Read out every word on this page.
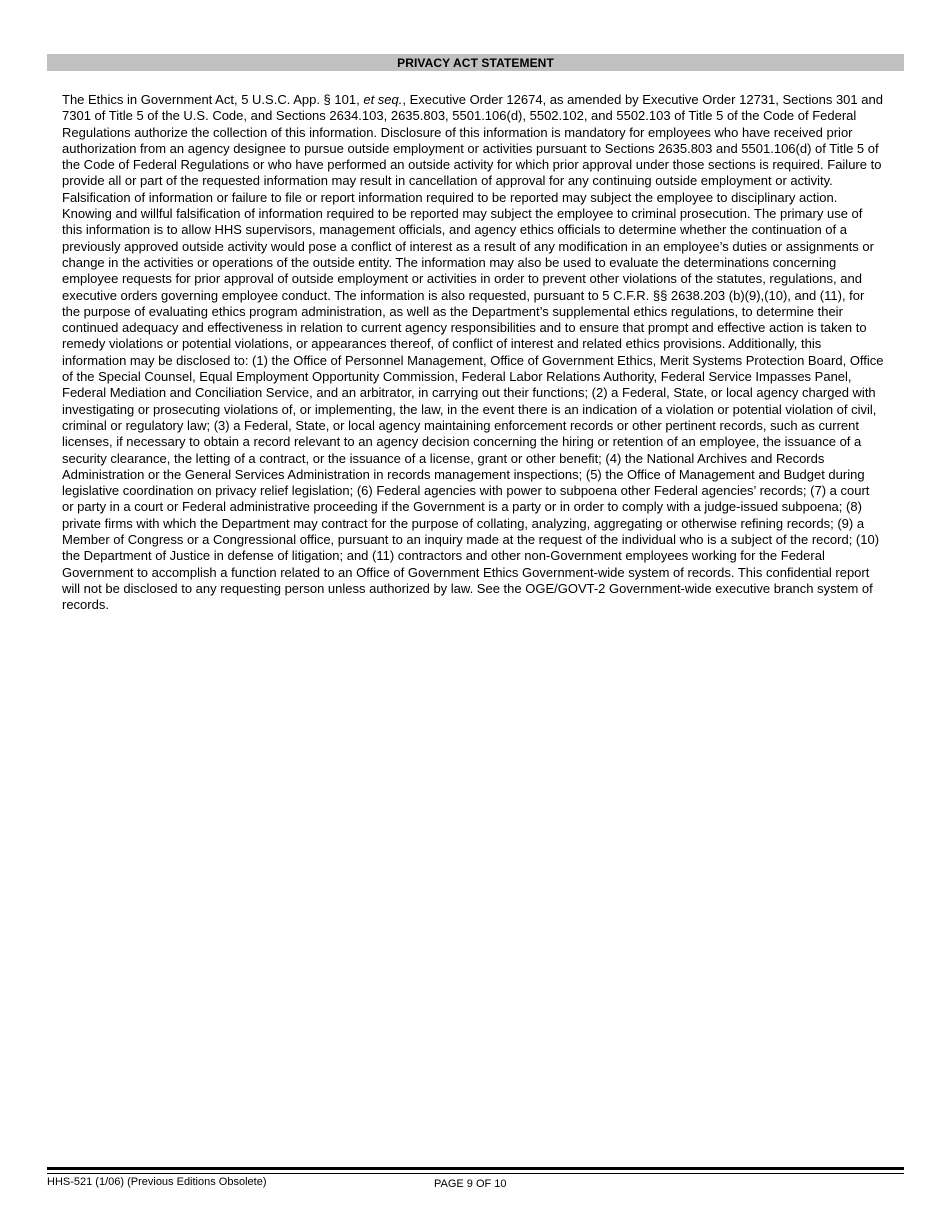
PRIVACY ACT STATEMENT
The Ethics in Government Act, 5 U.S.C. App. § 101, et seq., Executive Order 12674, as amended by Executive Order 12731, Sections 301 and 7301 of Title 5 of the U.S. Code, and Sections 2634.103, 2635.803, 5501.106(d), 5502.102, and 5502.103 of Title 5 of the Code of Federal Regulations authorize the collection of this information. Disclosure of this information is mandatory for employees who have received prior authorization from an agency designee to pursue outside employment or activities pursuant to Sections 2635.803 and 5501.106(d) of Title 5 of the Code of Federal Regulations or who have performed an outside activity for which prior approval under those sections is required. Failure to provide all or part of the requested information may result in cancellation of approval for any continuing outside employment or activity. Falsification of information or failure to file or report information required to be reported may subject the employee to disciplinary action. Knowing and willful falsification of information required to be reported may subject the employee to criminal prosecution. The primary use of this information is to allow HHS supervisors, management officials, and agency ethics officials to determine whether the continuation of a previously approved outside activity would pose a conflict of interest as a result of any modification in an employee’s duties or assignments or change in the activities or operations of the outside entity. The information may also be used to evaluate the determinations concerning employee requests for prior approval of outside employment or activities in order to prevent other violations of the statutes, regulations, and executive orders governing employee conduct. The information is also requested, pursuant to 5 C.F.R. §§ 2638.203 (b)(9),(10), and (11), for the purpose of evaluating ethics program administration, as well as the Department’s supplemental ethics regulations, to determine their continued adequacy and effectiveness in relation to current agency responsibilities and to ensure that prompt and effective action is taken to remedy violations or potential violations, or appearances thereof, of conflict of interest and related ethics provisions. Additionally, this information may be disclosed to: (1) the Office of Personnel Management, Office of Government Ethics, Merit Systems Protection Board, Office of the Special Counsel, Equal Employment Opportunity Commission, Federal Labor Relations Authority, Federal Service Impasses Panel, Federal Mediation and Conciliation Service, and an arbitrator, in carrying out their functions; (2) a Federal, State, or local agency charged with investigating or prosecuting violations of, or implementing, the law, in the event there is an indication of a violation or potential violation of civil, criminal or regulatory law; (3) a Federal, State, or local agency maintaining enforcement records or other pertinent records, such as current licenses, if necessary to obtain a record relevant to an agency decision concerning the hiring or retention of an employee, the issuance of a security clearance, the letting of a contract, or the issuance of a license, grant or other benefit; (4) the National Archives and Records Administration or the General Services Administration in records management inspections; (5) the Office of Management and Budget during legislative coordination on privacy relief legislation; (6) Federal agencies with power to subpoena other Federal agencies’ records; (7) a court or party in a court or Federal administrative proceeding if the Government is a party or in order to comply with a judge-issued subpoena; (8) private firms with which the Department may contract for the purpose of collating, analyzing, aggregating or otherwise refining records; (9) a Member of Congress or a Congressional office, pursuant to an inquiry made at the request of the individual who is a subject of the record; (10) the Department of Justice in defense of litigation; and (11) contractors and other non-Government employees working for the Federal Government to accomplish a function related to an Office of Government Ethics Government-wide system of records. This confidential report will not be disclosed to any requesting person unless authorized by law. See the OGE/GOVT-2 Government-wide executive branch system of records.
HHS-521 (1/06) (Previous Editions Obsolete)	PAGE 9 OF 10
